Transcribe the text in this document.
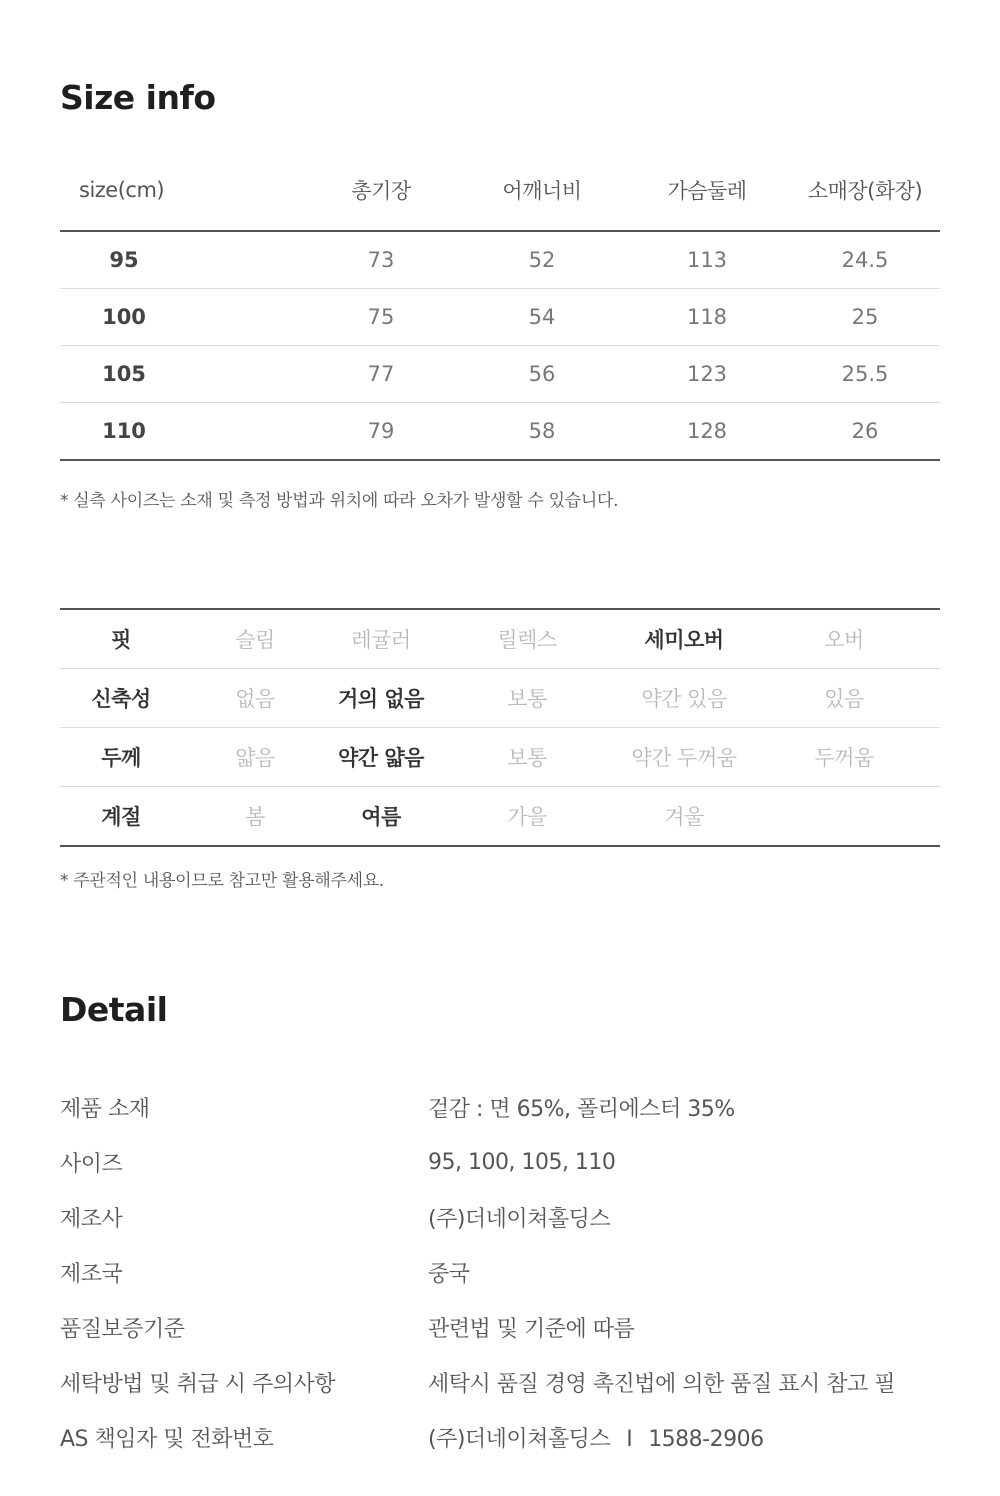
Size info
size(cm)		총기장	어깨너비	가슴둘레	소매장(화장)
95		73	52	113	24.5
100		75	54	118	25
105		77	56	123	25.5
110		79	58	128	26

* 실측 사이즈는 소재 및 측정 방법과 위치에 따라 오차가 발생할 수 있습니다.

핏	슬림	레귤러	릴렉스	세미오버	오버
신축성	없음	거의 없음	보통	약간 있음	있음
두께	얇음	약간 얇음	보통	약간 두꺼움	두꺼움
계절	봄	여름	가을	겨울	

* 주관적인 내용이므로 참고만 활용해주세요.

Detail
제품 소재	겉감 : 면 65%, 폴리에스터 35%
사이즈	95, 100, 105, 110
제조사	(주)더네이쳐홀딩스
제조국	중국
품질보증기준	관련법 및 기준에 따름
세탁방법 및 취급 시 주의사항	세탁시 품질 경영 촉진법에 의한 품질 표시 참고 필
AS 책임자 및 전화번호	(주)더네이쳐홀딩스 I 1588-2906
